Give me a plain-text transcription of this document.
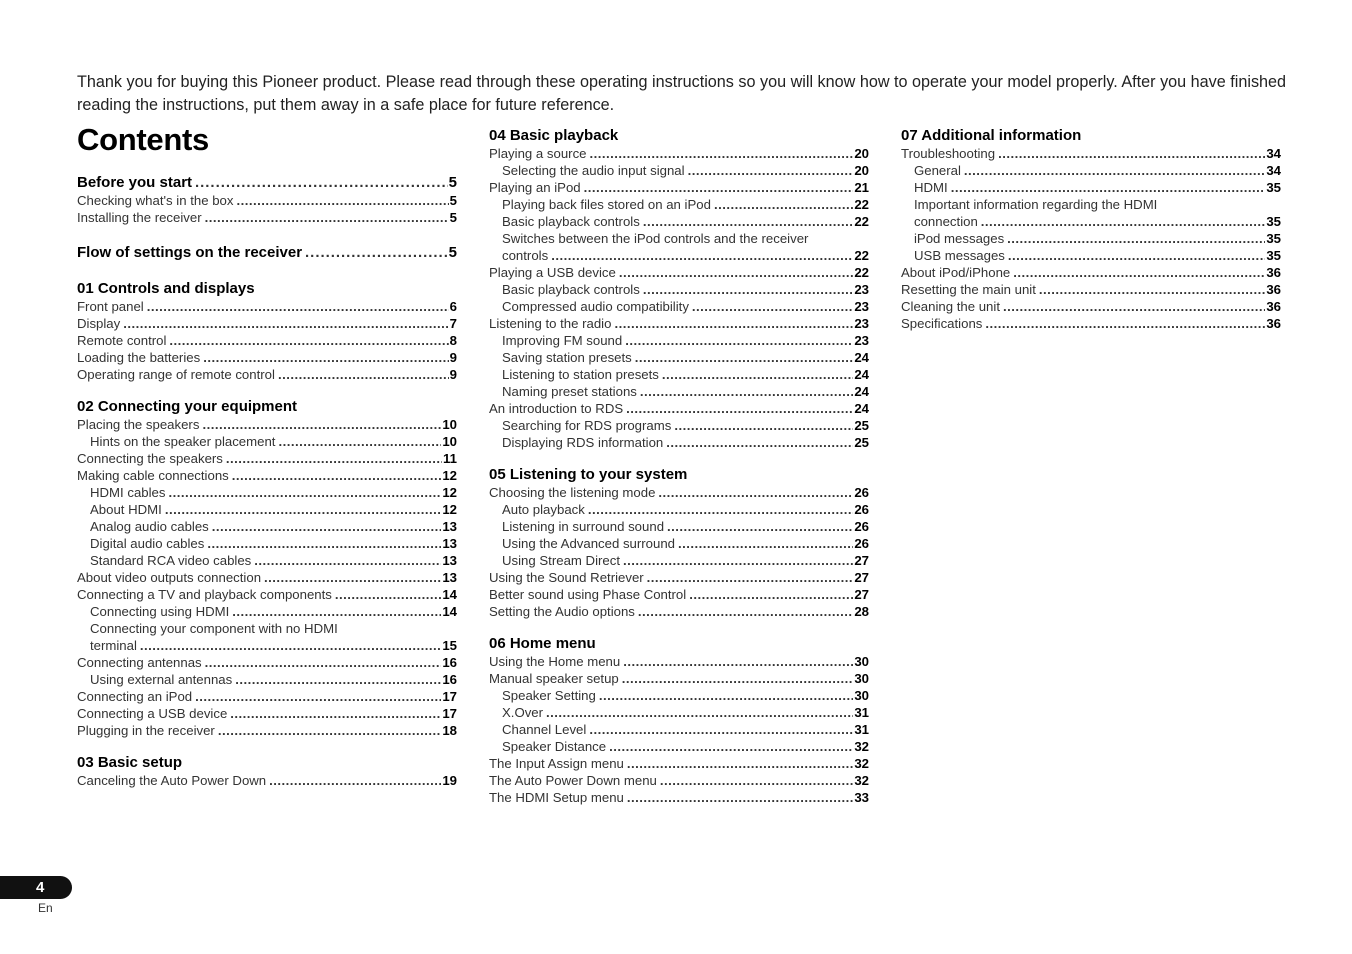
Thank you for buying this Pioneer product. Please read through these operating instructions so you will know how to operate your model properly. After you have finished reading the instructions, put them away in a safe place for future reference.

Contents
Before you start . . .	5
Checking what's in the box . . .	5
Installing the receiver . . .	5
Flow of settings on the receiver . . .	5
01 Controls and displays
Front panel . . .	6
Display . . .	7
Remote control . . .	8
Loading the batteries . . .	9
Operating range of remote control . . .	9
02 Connecting your equipment
Placing the speakers . . .	10
Hints on the speaker placement . . .	10
Connecting the speakers . . .	11
Making cable connections . . .	12
HDMI cables . . .	12
About HDMI . . .	12
Analog audio cables . . .	13
Digital audio cables . . .	13
Standard RCA video cables . . .	13
About video outputs connection . . .	13
Connecting a TV and playback components . . .	14
Connecting using HDMI . . .	14
Connecting your component with no HDMI
terminal . . .	15
Connecting antennas . . .	16
Using external antennas . . .	16
Connecting an iPod . . .	17
Connecting a USB device . . .	17
Plugging in the receiver . . .	18
03 Basic setup
Canceling the Auto Power Down . . .	19
04 Basic playback
Playing a source . . .	20
Selecting the audio input signal . . .	20
Playing an iPod . . .	21
Playing back files stored on an iPod . . .	22
Basic playback controls . . .	22
Switches between the iPod controls and the receiver
controls . . .	22
Playing a USB device . . .	22
Basic playback controls . . .	23
Compressed audio compatibility . . .	23
Listening to the radio . . .	23
Improving FM sound . . .	23
Saving station presets . . .	24
Listening to station presets . . .	24
Naming preset stations . . .	24
An introduction to RDS . . .	24
Searching for RDS programs . . .	25
Displaying RDS information . . .	25
05 Listening to your system
Choosing the listening mode . . .	26
Auto playback . . .	26
Listening in surround sound . . .	26
Using the Advanced surround . . .	26
Using Stream Direct . . .	27
Using the Sound Retriever . . .	27
Better sound using Phase Control . . .	27
Setting the Audio options . . .	28
06 Home menu
Using the Home menu . . .	30
Manual speaker setup . . .	30
Speaker Setting . . .	30
X.Over . . .	31
Channel Level . . .	31
Speaker Distance . . .	32
The Input Assign menu . . .	32
The Auto Power Down menu . . .	32
The HDMI Setup menu . . .	33
07 Additional information
Troubleshooting . . .	34
General . . .	34
HDMI . . .	35
Important information regarding the HDMI
connection . . .	35
iPod messages . . .	35
USB messages . . .	35
About iPod/iPhone . . .	36
Resetting the main unit . . .	36
Cleaning the unit . . .	36
Specifications . . .	36
4
En
